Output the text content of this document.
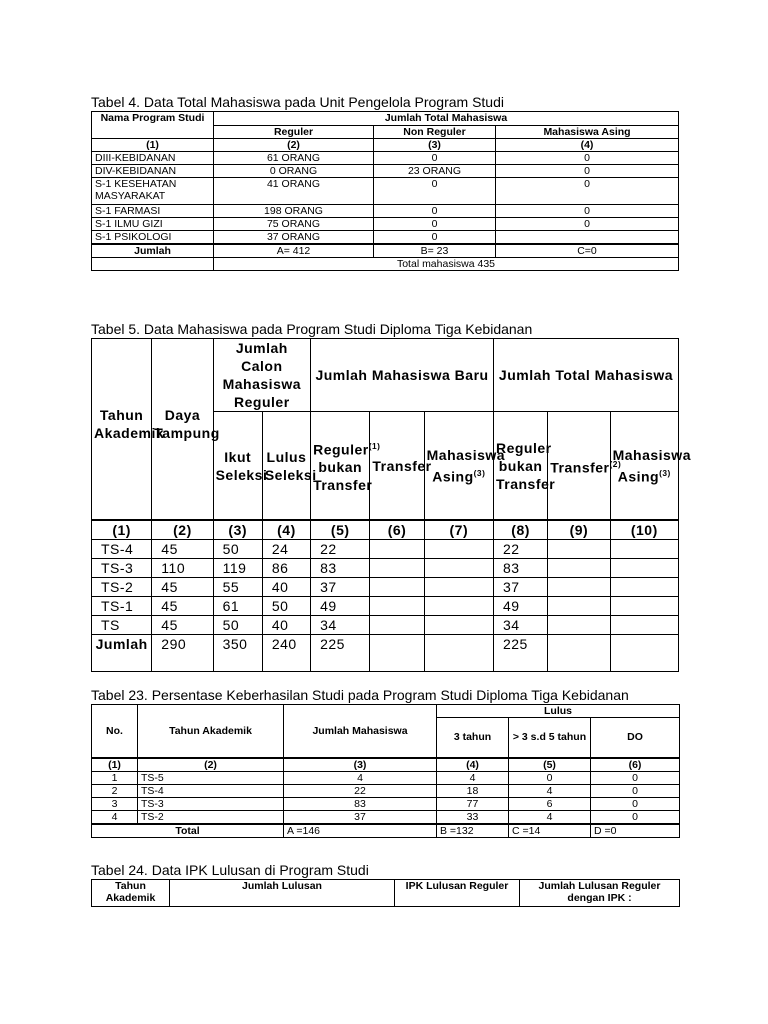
Tabel 4. Data Total Mahasiswa pada Unit Pengelola Program Studi
Nama Program Studi	Jumlah Total Mahasiswa		
	Reguler	Non Reguler	Mahasiswa Asing
(1)	(2)	(3)	(4)
DIII-KEBIDANAN	61 ORANG	0	0
DIV-KEBIDANAN	0 ORANG	23 ORANG	0
S-1 KESEHATAN MASYARAKAT	41 ORANG	0	0
S-1 FARMASI	198 ORANG	0	0
S-1 ILMU GIZI	75 ORANG	0	0
S-1 PSIKOLOGI	37 ORANG	0	
Jumlah	A= 412	B= 23	C=0
	Total mahasiswa 435		
Tabel 5. Data Mahasiswa pada Program Studi Diploma Tiga Kebidanan
Tahun Akademik	Daya Tampung	Jumlah Calon Mahasiswa Reguler		Jumlah Mahasiswa Baru			Jumlah Total Mahasiswa		
		Ikut Seleksi	Lulus Seleksi	Reguler$^{(1)}$ bukan Transfer	Transfer	Mahasiswa Asing$^{(3)}$	Reguler bukan Transfer	Transfer$^{(2)}$	Mahasiswa Asing$^{(3)}$
(1)	(2)	(3)	(4)	(5)	(6)	(7)	(8)	(9)	(10)
TS-4	45	50	24	22			22		
TS-3	110	119	86	83			83		
TS-2	45	55	40	37			37		
TS-1	45	61	50	49			49		
TS	45	50	40	34			34		
Jumlah	290	350	240	225			225		
Tabel 23. Persentase Keberhasilan Studi pada Program Studi Diploma Tiga Kebidanan
No.	Tahun Akademik	Jumlah Mahasiswa	Lulus		
			3 tahun	> 3 s.d 5 tahun	DO
(1)	(2)	(3)	(4)	(5)	(6)
1	TS-5	4	4	0	0
2	TS-4	22	18	4	0
3	TS-3	83	77	6	0
4	TS-2	37	33	4	0
Total		A =146	B =132	C =14	D =0
Tabel 24. Data IPK Lulusan di Program Studi
Tahun Akademik	Jumlah Lulusan	IPK Lulusan Reguler	Jumlah Lulusan Reguler dengan IPK :
